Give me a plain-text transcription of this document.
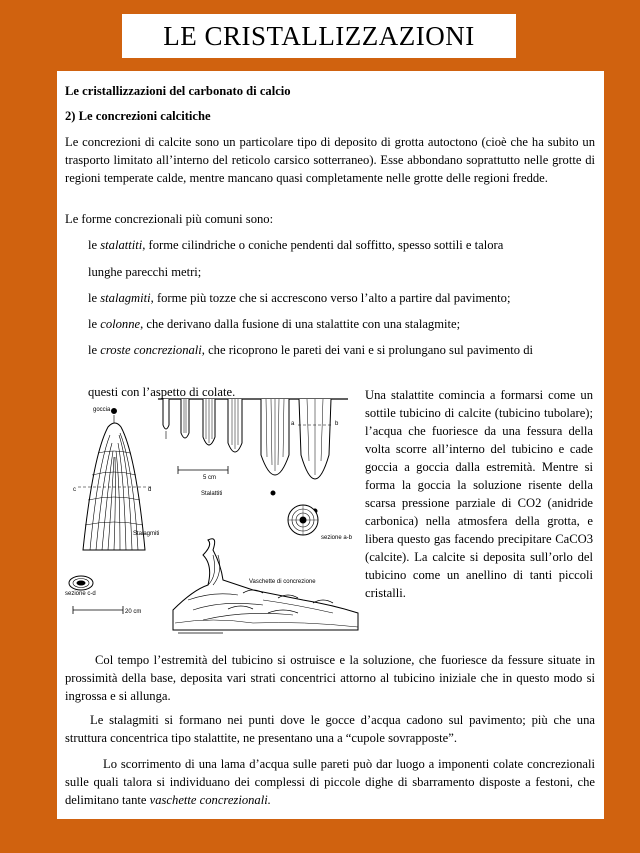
LE CRISTALLIZZAZIONI

Le cristallizzazioni del carbonato di calcio

2) Le concrezioni calcitiche

Le concrezioni di calcite sono un particolare tipo di deposito di grotta autoctono (cioè che ha subito un trasporto limitato all’interno del reticolo carsico sotterraneo). Esse abbondano soprattutto nelle grotte di regioni temperate calde, mentre mancano quasi completamente nelle grotte delle regioni fredde.

Le forme concrezionali più comuni sono:

le stalattiti, forme cilindriche o coniche pendenti dal soffitto, spesso sottili e talora

lunghe parecchi metri;

le stalagmiti, forme più tozze che si accrescono verso l’alto a partire dal pavimento;

le colonne, che derivano dalla fusione di una stalattite con una stalagmite;

le croste concrezionali, che ricoprono le pareti dei vani e si prolungano sul pavimento di

questi con l’aspetto di colate.	Una stalattite comincia a formarsi come un sottile tubicino di calcite (tubicino tubolare); l’acqua che fuoriesce da una fessura della volta scorre all’interno del tubicino e cade goccia a goccia dalla estremità. Mentre si forma la goccia la soluzione risente della scarsa pressione parziale di CO2 (anidride carbonica) nella atmosfera della grotta, e libera questo gas facendo precipitare CaCO3 (calcite). La calcite si deposita sull’orlo del tubicino come un anellino di tanti piccoli cristalli.

Col tempo l’estremità del tubicino si ostruisce e la soluzione, che fuoriesce da fessure situate in prossimità della base, deposita vari strati concentrici attorno al tubicino iniziale che in questo modo si ingrossa e si allunga.

Le stalagmiti si formano nei punti dove le gocce d’acqua cadono sul pavimento; più che una struttura concentrica tipo stalattite, ne presentano una a “cupole sovrapposte”.

Lo scorrimento di una lama d’acqua sulle pareti può dar luogo a imponenti colate concrezionali sulle quali talora si individuano dei complessi di piccole dighe di sbarramento disposte a festoni, che delimitano tante vaschette concrezionali.

goccia
c	d
Stalagmiti
sezione c-d
20 cm
5 cm
Stalattiti
a	b
sezione a-b
Vaschette di concrezione
